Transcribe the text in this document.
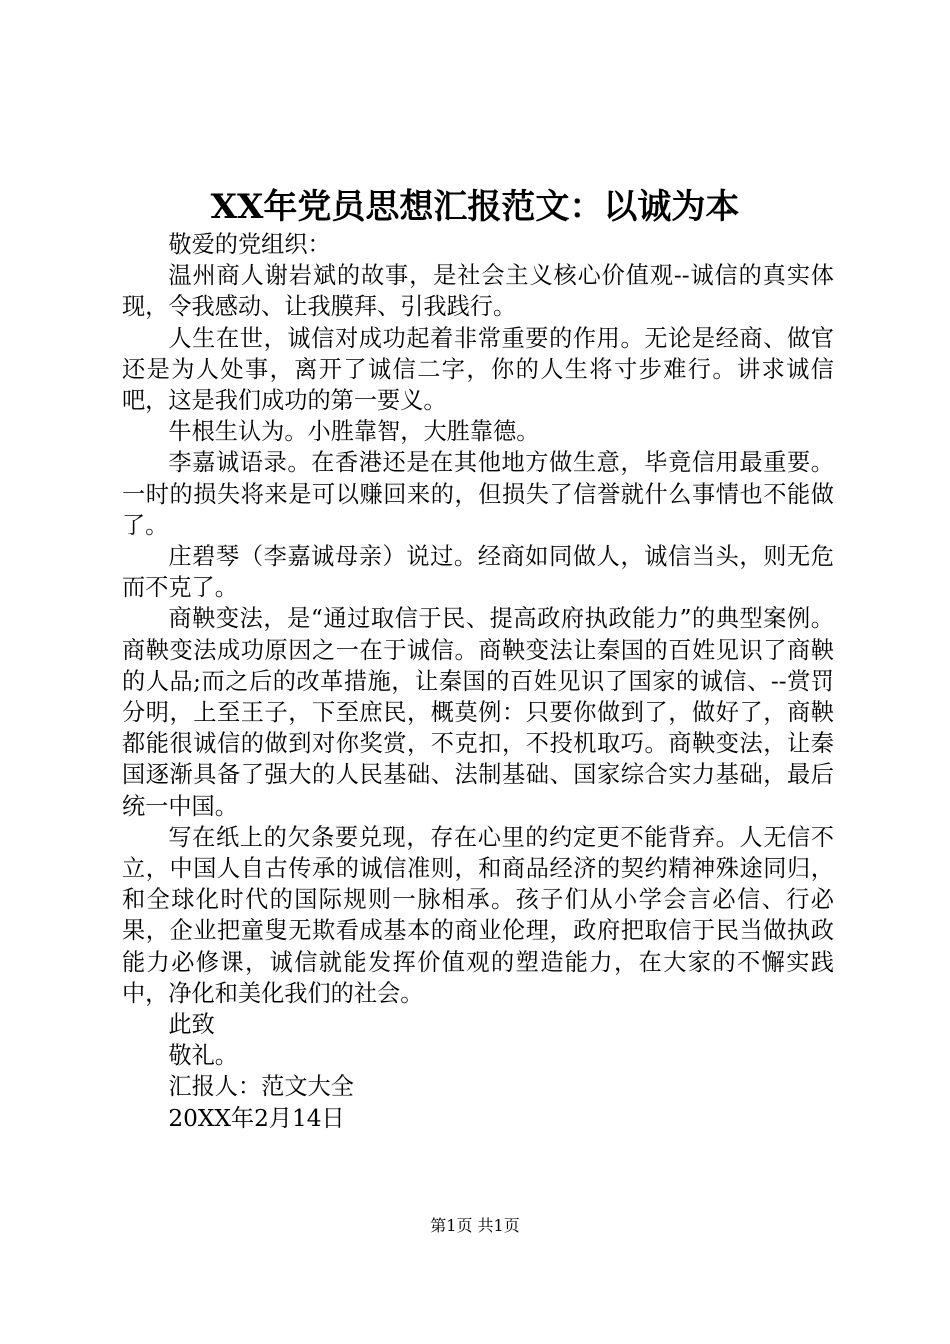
XX年党员思想汇报范文：以诚为本

敬爱的党组织：

温州商人谢岩斌的故事，是社会主义核心价值观--诚信的真实体现，令我感动、让我膜拜、引我践行。

人生在世，诚信对成功起着非常重要的作用。无论是经商、做官还是为人处事，离开了诚信二字，你的人生将寸步难行。讲求诚信吧，这是我们成功的第一要义。

牛根生认为。小胜靠智，大胜靠德。

李嘉诚语录。在香港还是在其他地方做生意，毕竟信用最重要。一时的损失将来是可以赚回来的，但损失了信誉就什么事情也不能做了。

庄碧琴（李嘉诚母亲）说过。经商如同做人，诚信当头，则无危而不克了。

商鞅变法，是“通过取信于民、提高政府执政能力”的典型案例。商鞅变法成功原因之一在于诚信。商鞅变法让秦国的百姓见识了商鞅的人品;而之后的改革措施，让秦国的百姓见识了国家的诚信、--赏罚分明，上至王子，下至庶民，概莫例：只要你做到了，做好了，商鞅都能很诚信的做到对你奖赏，不克扣，不投机取巧。商鞅变法，让秦国逐渐具备了强大的人民基础、法制基础、国家综合实力基础，最后统一中国。

写在纸上的欠条要兑现，存在心里的约定更不能背弃。人无信不立，中国人自古传承的诚信准则，和商品经济的契约精神殊途同归，和全球化时代的国际规则一脉相承。孩子们从小学会言必信、行必果，企业把童叟无欺看成基本的商业伦理，政府把取信于民当做执政能力必修课，诚信就能发挥价值观的塑造能力，在大家的不懈实践中，净化和美化我们的社会。

此致

敬礼。

汇报人：范文大全

20XX年2月14日

第1页 共1页
